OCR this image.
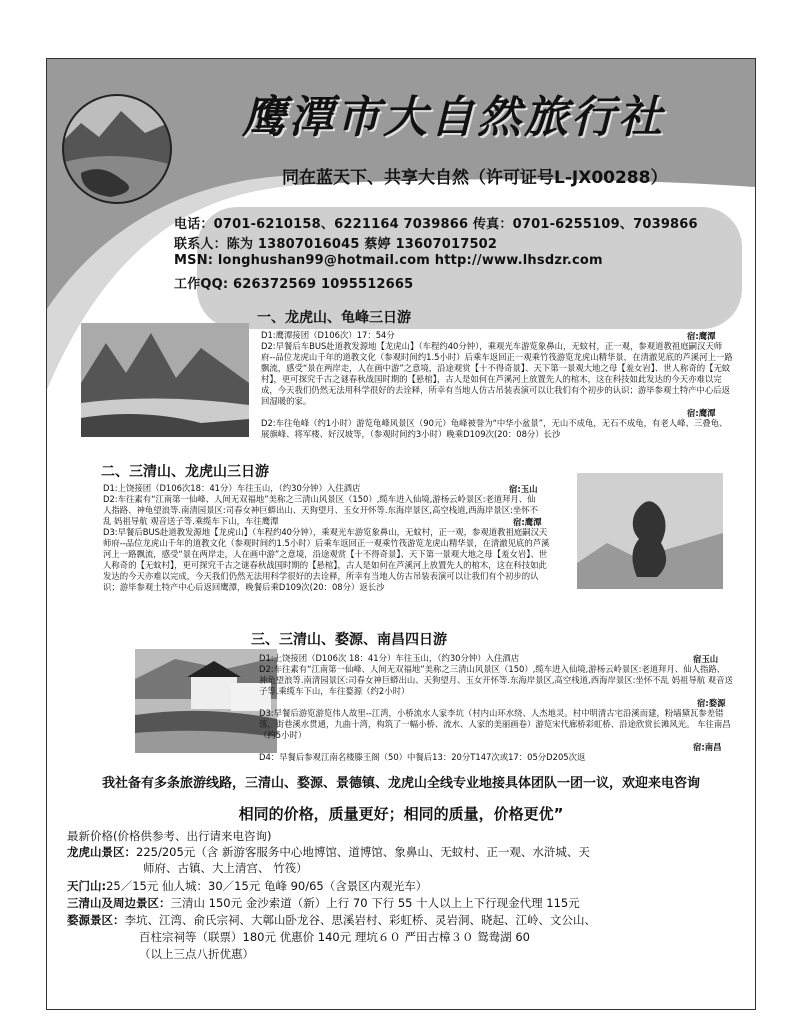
鹰潭市大自然旅行社
同在蓝天下、共享大自然（许可证号L-JX00288）
电话：0701-6210158、6221164 7039866 传真：0701-6255109、7039866
联系人：陈为 13807016045 蔡婷 13607017502
MSN: longhushan99@hotmail.com http://www.lhsdzr.com
工作QQ: 626372569 1095512665
一、龙虎山、龟峰三日游
D1:鹰潭接团（D106次）17：54分	宿:鹰潭
D2:早餐后车BUS赴道教发源地【龙虎山】（车程约40分钟），乘观光车游览象鼻山，无蚊村，正一观，参观道教祖庭嗣汉天师府--品位龙虎山千年的道教文化（参观时间约1.5小时）后乘车返回正一观乘竹筏游览龙虎山精华景，在清澈见底的芦溪河上一路飘流，感受“景在两岸走，人在画中游”之意境，沿途观赏【十不得奇景】、天下第一景观大地之母【羞女岩】、世人称奇的【无蚊村】，更可探究千古之谜春秋战国时期的【悬棺】，古人是如何在芦溪河上放置先人的棺木，这在科技如此发达的今天亦难以完成，今天我们仍然无法用科学很好的去诠释，所幸有当地人仿古吊装表演可以让我们有个初步的认识；游毕参观土特产中心后返回湿暖的家。
宿:鹰潭
D2:车往龟峰（约1小时）游览龟峰风景区（90元）龟峰被誉为“中华小盆景”，无山不成龟，无石不成龟，有老人峰、三叠龟、展旗峰、将军楼、好汉坡等，（参观时间约3小时）晚乘D109次(20：08分）长沙
二、三清山、龙虎山三日游
D1:上饶接团（D106次18：41分）车往玉山，（约30分钟）入住酒店	宿:玉山
D2:车往素有“江南第一仙峰、人间无双福地”美称之三清山风景区（150）,缆车进入仙境,游杨云岭景区:老道拜月、仙人指路、神龟望浪等.南清园景区:司春女神巨蟒出山、天狗望月、玉女开怀等.东海岸景区,高空栈道,西海岸景区:坐怀不乱 妈祖导航 观音送子等.乘缆车下山，车往鹰潭	宿:鹰潭
D3:早餐后BUS赴道教发源地【龙虎山】（车程约40分钟），乘观光车游览象鼻山，无蚊村，正一观，参观道教祖庭嗣汉天师府--品位龙虎山千年的道教文化（参观时间约1.5小时）后乘车返回正一观乘竹筏游览龙虎山精华景，在清澈见底的芦溪河上一路飘流，感受“景在两岸走，人在画中游”之意境，沿途观赏【十不得奇景】、天下第一景观大地之母【羞女岩】、世人称奇的【无蚊村】，更可探究千古之谜春秋战国时期的【悬棺】，古人是如何在芦溪河上放置先人的棺木，这在科技如此发达的今天亦难以完成，今天我们仍然无法用科学很好的去诠释，所幸有当地人仿古吊装表演可以让我们有个初步的认识；游毕参观土特产中心后返回鹰潭，晚餐后乘D109次(20：08分）返长沙
三、三清山、婺源、南昌四日游
D1:上饶接团（D106次 18：41分）车往玉山，（约30分钟）入住酒店	宿玉山
D2:车往素有“江南第一仙峰、人间无双福地”美称之三清山风景区（150）,缆车进入仙境,游杨云岭景区:老道拜月、仙人指路、神龟望浪等.南清园景区:司春女神巨蟒出山、天狗望月、玉女开怀等.东海岸景区,高空栈道,西海岸景区:坐怀不乱 妈祖导航 观音送子等.乘缆车下山，车往婺源（约2小时）
宿:婺源
D3:早餐后游览游览伟人故里--江湾，小桥流水人家李坑（村内山环水绕、人杰地灵。村中明清古宅沿溪而建，粉墙黛瓦参差错落，街巷溪水贯通，九曲十湾，构筑了一幅小桥、流水、人家的美丽画卷）游览宋代廊桥彩虹桥、沿途欣赏长滩风光。 车往南昌（约5小时）
宿:南昌
D4：早餐后参观江南名楼滕王阁（50）中餐后13：20分T147次或17：05分D205次返
我社备有多条旅游线路，三清山、婺源、景德镇、龙虎山全线专业地接具体团队一团一议，欢迎来电咨询
相同的价格，质量更好；相同的质量，价格更优”
最新价格(价格供参考、出行请来电咨询)
龙虎山景区：225/205元（含 新游客服务中心地博馆、道博馆、象鼻山、无蚊村、正一观、水浒城、天
师府、古镇、大上清宫、 竹筏）
天门山:25／15元 仙人城：30／15元 龟峰 90/65（含景区内观光车）
三清山及周边景区：三清山 150元 金沙索道（新）上行 70 下行 55 十人以上上下行现金代理 115元
婺源景区：李坑、江湾、俞氏宗祠、大鄣山卧龙谷、思溪岩村、彩虹桥、灵岩洞、晓起、江岭、文公山、
百柱宗祠等（联票）180元 优惠价 140元 理坑６０ 严田古樟３０ 鸳鸯湖 60
（以上三点八折优惠）
